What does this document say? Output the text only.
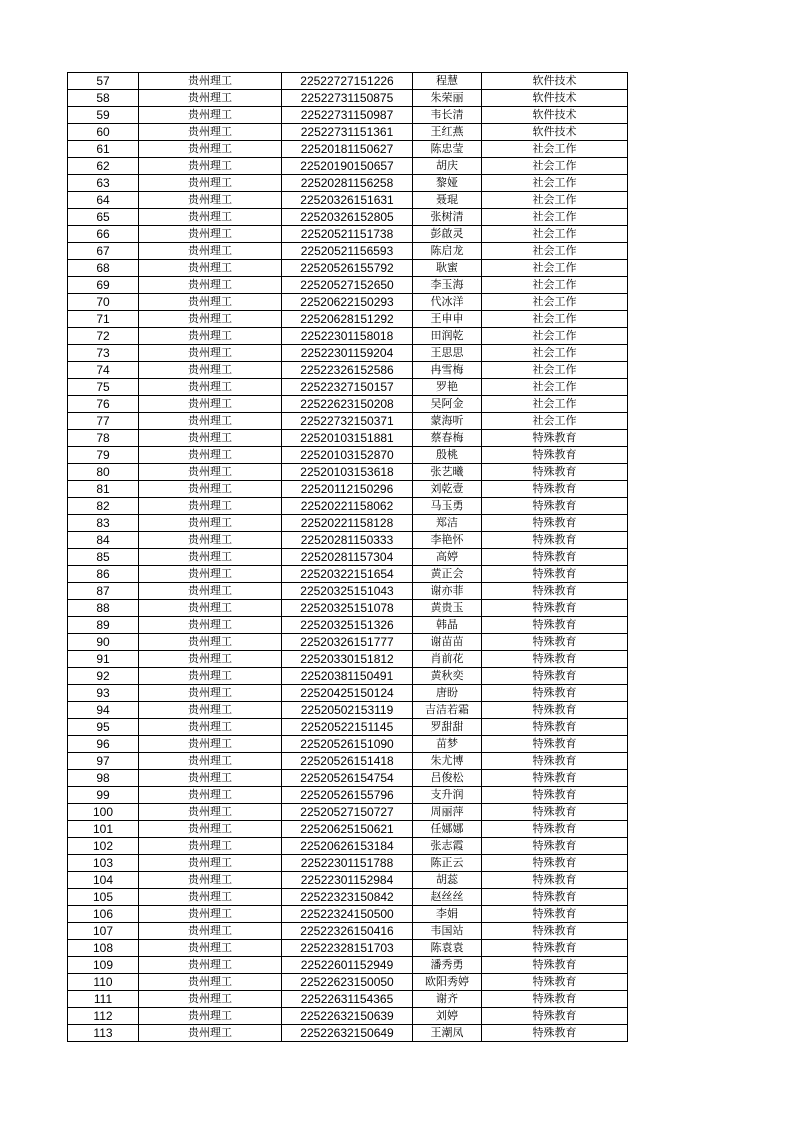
57	贵州理工	22522727151226	程慧	软件技术
58	贵州理工	22522731150875	朱荣丽	软件技术
59	贵州理工	22522731150987	韦长清	软件技术
60	贵州理工	22522731151361	王红燕	软件技术
61	贵州理工	22520181150627	陈忠莹	社会工作
62	贵州理工	22520190150657	胡庆	社会工作
63	贵州理工	22520281156258	黎娅	社会工作
64	贵州理工	22520326151631	聂琨	社会工作
65	贵州理工	22520326152805	张树清	社会工作
66	贵州理工	22520521151738	彭啟灵	社会工作
67	贵州理工	22520521156593	陈启龙	社会工作
68	贵州理工	22520526155792	耿蜜	社会工作
69	贵州理工	22520527152650	李玉海	社会工作
70	贵州理工	22520622150293	代冰洋	社会工作
71	贵州理工	22520628151292	王申申	社会工作
72	贵州理工	22522301158018	田润乾	社会工作
73	贵州理工	22522301159204	王思思	社会工作
74	贵州理工	22522326152586	冉雪梅	社会工作
75	贵州理工	22522327150157	罗艳	社会工作
76	贵州理工	22522623150208	吴阿金	社会工作
77	贵州理工	22522732150371	蒙海听	社会工作
78	贵州理工	22520103151881	蔡春梅	特殊教育
79	贵州理工	22520103152870	殷桃	特殊教育
80	贵州理工	22520103153618	张艺曦	特殊教育
81	贵州理工	22520112150296	刘乾壹	特殊教育
82	贵州理工	22520221158062	马玉勇	特殊教育
83	贵州理工	22520221158128	郑洁	特殊教育
84	贵州理工	22520281150333	李艳怀	特殊教育
85	贵州理工	22520281157304	高婷	特殊教育
86	贵州理工	22520322151654	黄正会	特殊教育
87	贵州理工	22520325151043	谢亦菲	特殊教育
88	贵州理工	22520325151078	黄贵玉	特殊教育
89	贵州理工	22520325151326	韩晶	特殊教育
90	贵州理工	22520326151777	谢苗苗	特殊教育
91	贵州理工	22520330151812	肖前花	特殊教育
92	贵州理工	22520381150491	黄秋奕	特殊教育
93	贵州理工	22520425150124	唐盼	特殊教育
94	贵州理工	22520502153119	吉洁若霜	特殊教育
95	贵州理工	22520522151145	罗甜甜	特殊教育
96	贵州理工	22520526151090	苗梦	特殊教育
97	贵州理工	22520526151418	朱尤博	特殊教育
98	贵州理工	22520526154754	吕俊松	特殊教育
99	贵州理工	22520526155796	支升润	特殊教育
100	贵州理工	22520527150727	周丽萍	特殊教育
101	贵州理工	22520625150621	任娜娜	特殊教育
102	贵州理工	22520626153184	张志霞	特殊教育
103	贵州理工	22522301151788	陈正云	特殊教育
104	贵州理工	22522301152984	胡蕊	特殊教育
105	贵州理工	22522323150842	赵丝丝	特殊教育
106	贵州理工	22522324150500	李娟	特殊教育
107	贵州理工	22522326150416	韦国站	特殊教育
108	贵州理工	22522328151703	陈袁袁	特殊教育
109	贵州理工	22522601152949	潘秀勇	特殊教育
110	贵州理工	22522623150050	欧阳秀婷	特殊教育
111	贵州理工	22522631154365	谢齐	特殊教育
112	贵州理工	22522632150639	刘婷	特殊教育
113	贵州理工	22522632150649	王潮凤	特殊教育
